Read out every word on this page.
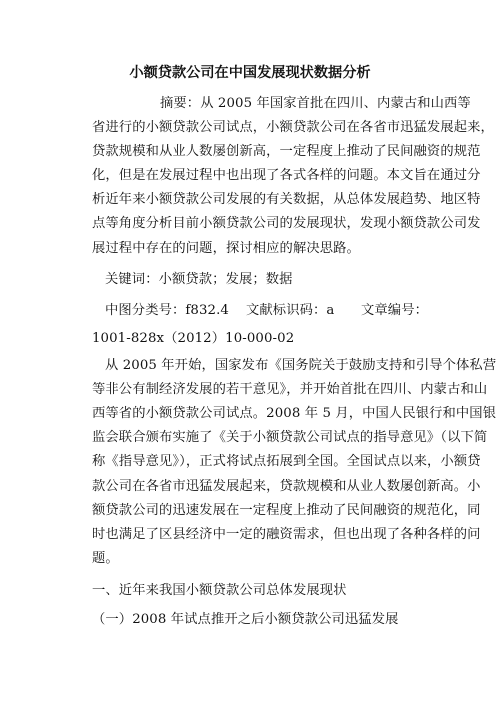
小额贷款公司在中国发展现状数据分析
摘要：从 2005 年国家首批在四川、内蒙古和山西等
省进行的小额贷款公司试点，小额贷款公司在各省市迅猛发展起来，
贷款规模和从业人数屡创新高，一定程度上推动了民间融资的规范
化，但是在发展过程中也出现了各式各样的问题。本文旨在通过分
析近年来小额贷款公司发展的有关数据，从总体发展趋势、地区特
点等角度分析目前小额贷款公司的发展现状，发现小额贷款公司发
展过程中存在的问题，探讨相应的解决思路。
关键词：小额贷款；发展；数据
中图分类号：f832.4 文献标识码：a 文章编号：
1001-828x（2012）10-000-02
从 2005 年开始，国家发布《国务院关于鼓励支持和引导个体私营
等非公有制经济发展的若干意见》，并开始首批在四川、内蒙古和山
西等省的小额贷款公司试点。2008 年 5 月，中国人民银行和中国银
监会联合颁布实施了《关于小额贷款公司试点的指导意见》（以下简
称《指导意见》），正式将试点拓展到全国。全国试点以来，小额贷
款公司在各省市迅猛发展起来，贷款规模和从业人数屡创新高。小
额贷款公司的迅速发展在一定程度上推动了民间融资的规范化，同
时也满足了区县经济中一定的融资需求，但也出现了各种各样的问
题。
一、近年来我国小额贷款公司总体发展现状
（一）2008 年试点推开之后小额贷款公司迅猛发展
